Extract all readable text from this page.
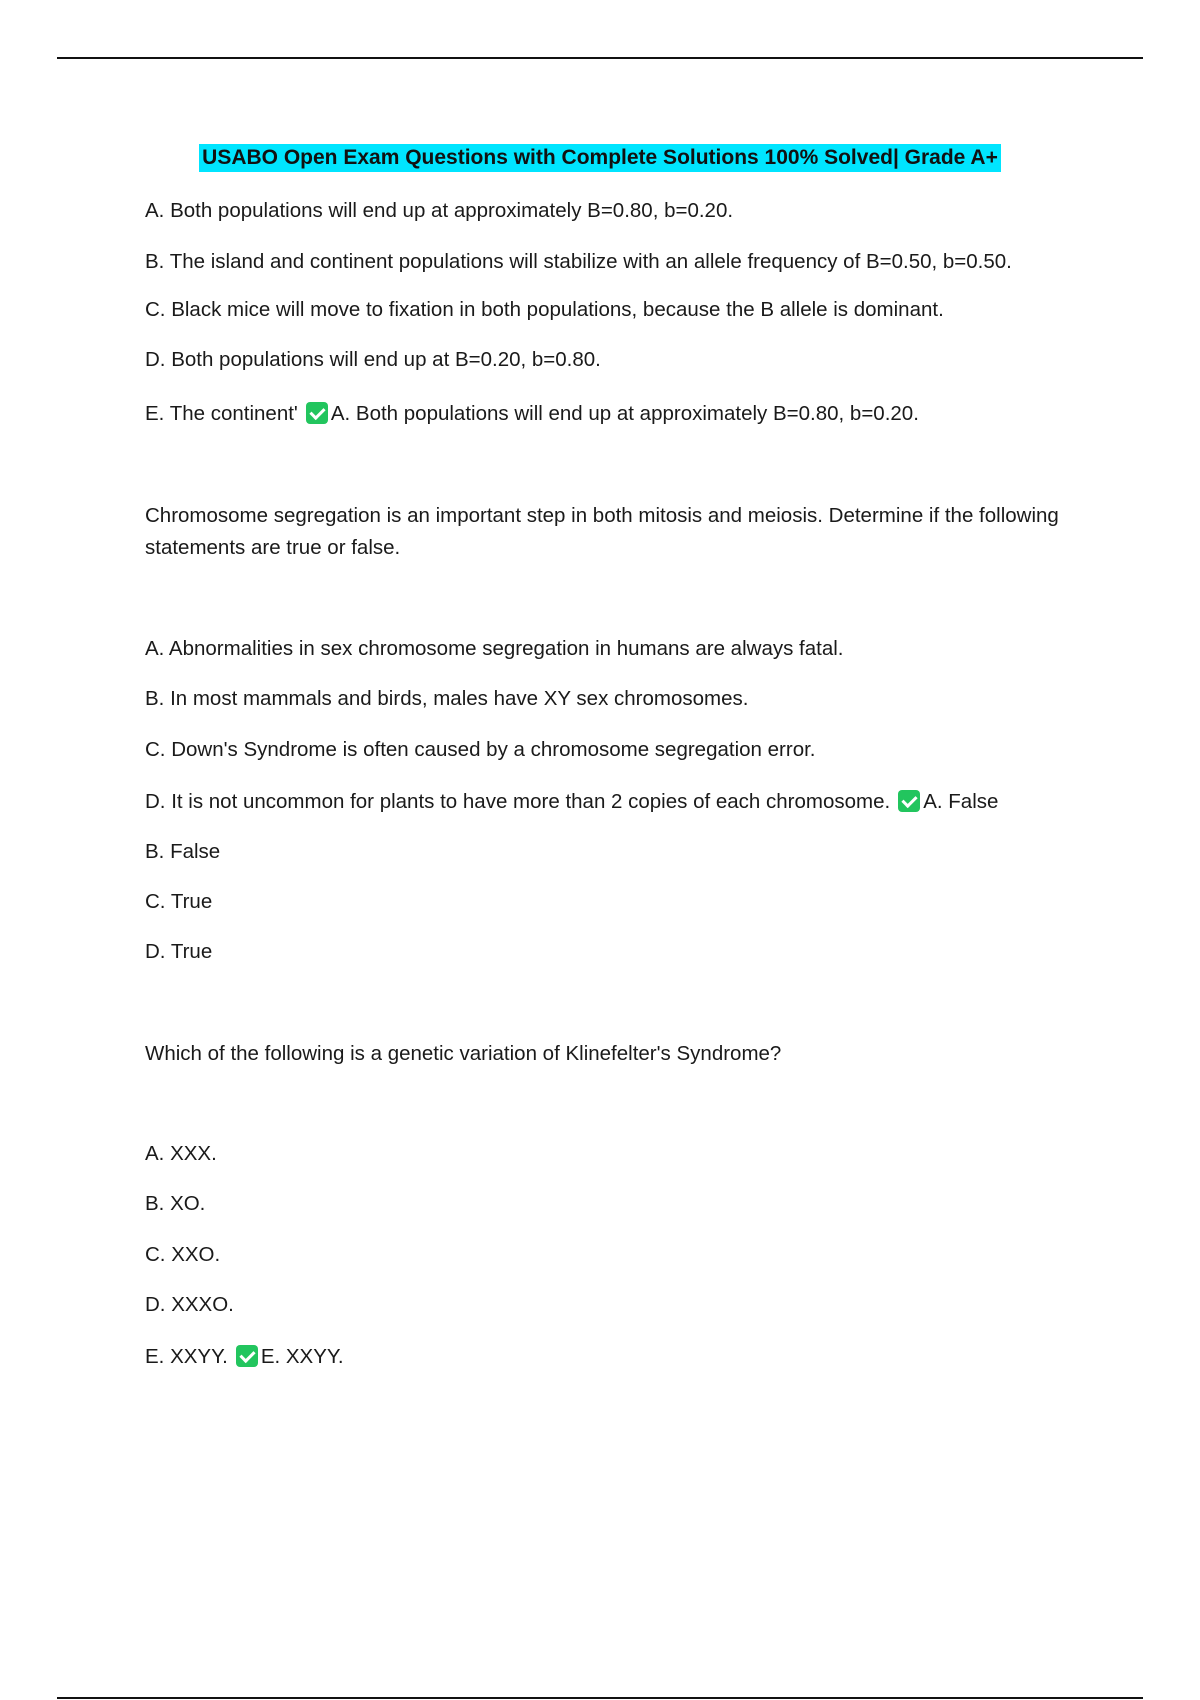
USABO Open Exam Questions with Complete Solutions 100% Solved| Grade A+
A. Both populations will end up at approximately B=0.80, b=0.20.
B. The island and continent populations will stabilize with an allele frequency of B=0.50, b=0.50.
C. Black mice will move to fixation in both populations, because the B allele is dominant.
D. Both populations will end up at B=0.20, b=0.80.
E. The continent' A. Both populations will end up at approximately B=0.80, b=0.20.
Chromosome segregation is an important step in both mitosis and meiosis. Determine if the following statements are true or false.
A. Abnormalities in sex chromosome segregation in humans are always fatal.
B. In most mammals and birds, males have XY sex chromosomes.
C. Down's Syndrome is often caused by a chromosome segregation error.
D. It is not uncommon for plants to have more than 2 copies of each chromosome. A. False
B. False
C. True
D. True
Which of the following is a genetic variation of Klinefelter's Syndrome?
A. XXX.
B. XO.
C. XXO.
D. XXXO.
E. XXYY. E. XXYY.
